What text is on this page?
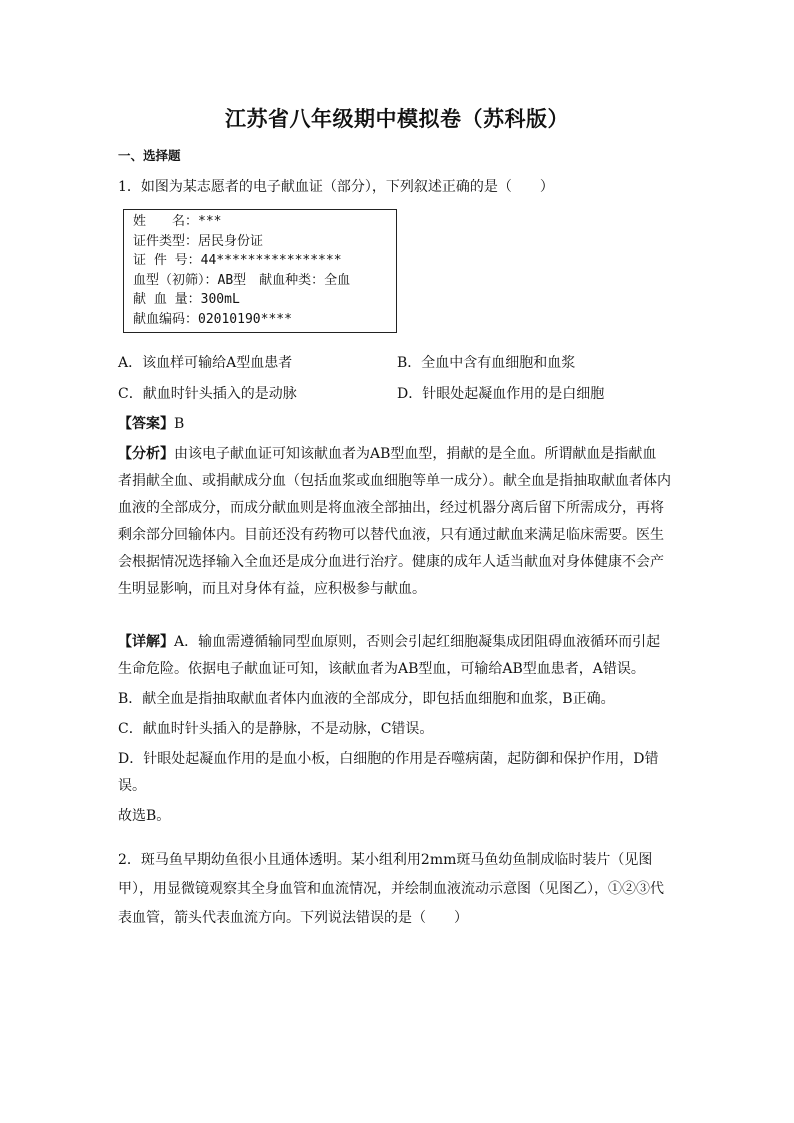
江苏省八年级期中模拟卷（苏科版）
一、选择题
1．如图为某志愿者的电子献血证（部分），下列叙述正确的是（　　）
姓　　名：***
证件类型：居民身份证
证 件 号：44****************
血型（初筛）：AB型　献血种类：全血
献 血 量：300mL
献血编码：02010190****
A．该血样可输给A型血患者	B．全血中含有血细胞和血浆
C．献血时针头插入的是动脉	D．针眼处起凝血作用的是白细胞
【答案】B
【分析】由该电子献血证可知该献血者为AB型血型，捐献的是全血。所谓献血是指献血
者捐献全血、或捐献成分血（包括血浆或血细胞等单一成分）。献全血是指抽取献血者体内
血液的全部成分，而成分献血则是将血液全部抽出，经过机器分离后留下所需成分，再将
剩余部分回输体内。目前还没有药物可以替代血液，只有通过献血来满足临床需要。医生
会根据情况选择输入全血还是成分血进行治疗。健康的成年人适当献血对身体健康不会产
生明显影响，而且对身体有益，应积极参与献血。
【详解】A．输血需遵循输同型血原则，否则会引起红细胞凝集成团阻碍血液循环而引起
生命危险。依据电子献血证可知，该献血者为AB型血，可输给AB型血患者，A错误。
B．献全血是指抽取献血者体内血液的全部成分，即包括血细胞和血浆，B正确。
C．献血时针头插入的是静脉，不是动脉，C错误。
D．针眼处起凝血作用的是血小板，白细胞的作用是吞噬病菌，起防御和保护作用，D错
误。
故选B。
2．斑马鱼早期幼鱼很小且通体透明。某小组利用2mm斑马鱼幼鱼制成临时装片（见图
甲），用显微镜观察其全身血管和血流情况，并绘制血液流动示意图（见图乙），①②③代
表血管，箭头代表血流方向。下列说法错误的是（　　）
